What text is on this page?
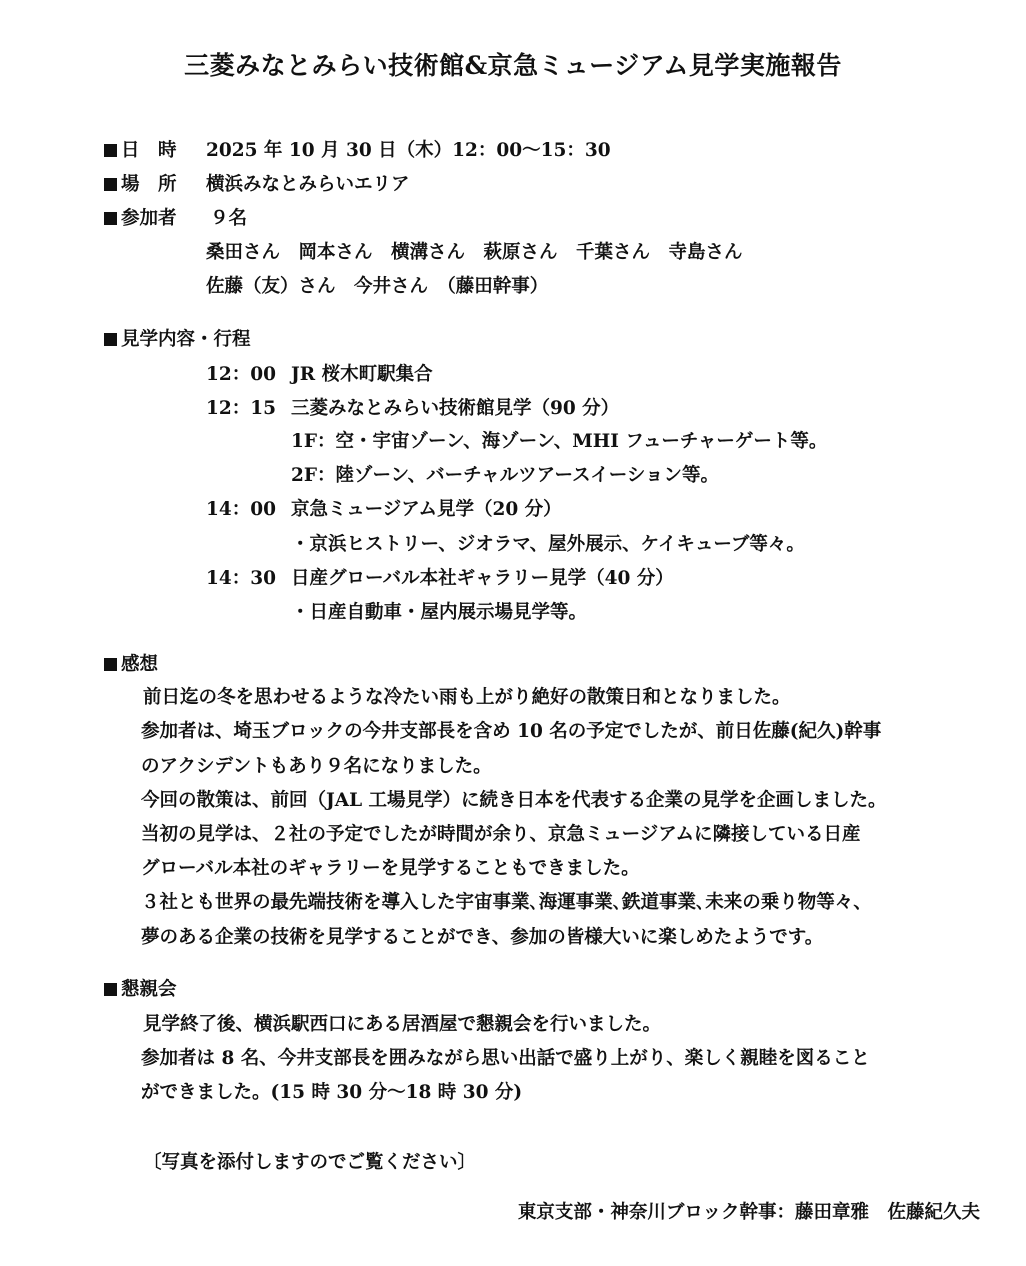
三菱みなとみらい技術館&京急ミュージアム見学実施報告
日　時 2025 年 10 月 30 日（木）12：00～15：30
場　所 横浜みなとみらいエリア
参加者 ９名
桑田さん　岡本さん　横溝さん　萩原さん　千葉さん　寺島さん
佐藤（友）さん　今井さん　（藤田幹事）
見学内容・行程
12：00 JR 桜木町駅集合
12：15 三菱みなとみらい技術館見学（90 分）
1F：空・宇宙ゾーン、海ゾーン、MHI フューチャーゲート等。
2F：陸ゾーン、バーチャルツアースイーション等。
14：00 京急ミュージアム見学（20 分）
・京浜ヒストリー、ジオラマ、屋外展示、ケイキューブ等々。
14：30 日産グローバル本社ギャラリー見学（40 分）
・日産自動車・屋内展示場見学等。
感想
前日迄の冬を思わせるような冷たい雨も上がり絶好の散策日和となりました。
参加者は、埼玉ブロックの今井支部長を含め 10 名の予定でしたが、前日佐藤(紀久)幹事
のアクシデントもあり９名になりました。
今回の散策は、前回（JAL 工場見学）に続き日本を代表する企業の見学を企画しました。
当初の見学は、２社の予定でしたが時間が余り、京急ミュージアムに隣接している日産
グローバル本社のギャラリーを見学することもできました。
３社とも世界の最先端技術を導入した宇宙事業､海運事業､鉄道事業､未来の乗り物等々、
夢のある企業の技術を見学することができ、参加の皆様大いに楽しめたようです。
懇親会
見学終了後、横浜駅西口にある居酒屋で懇親会を行いました。
参加者は 8 名、今井支部長を囲みながら思い出話で盛り上がり、楽しく親睦を図ること
ができました。(15 時 30 分～18 時 30 分)
〔写真を添付しますのでご覧ください〕
東京支部・神奈川ブロック幹事：藤田章雅　佐藤紀久夫
